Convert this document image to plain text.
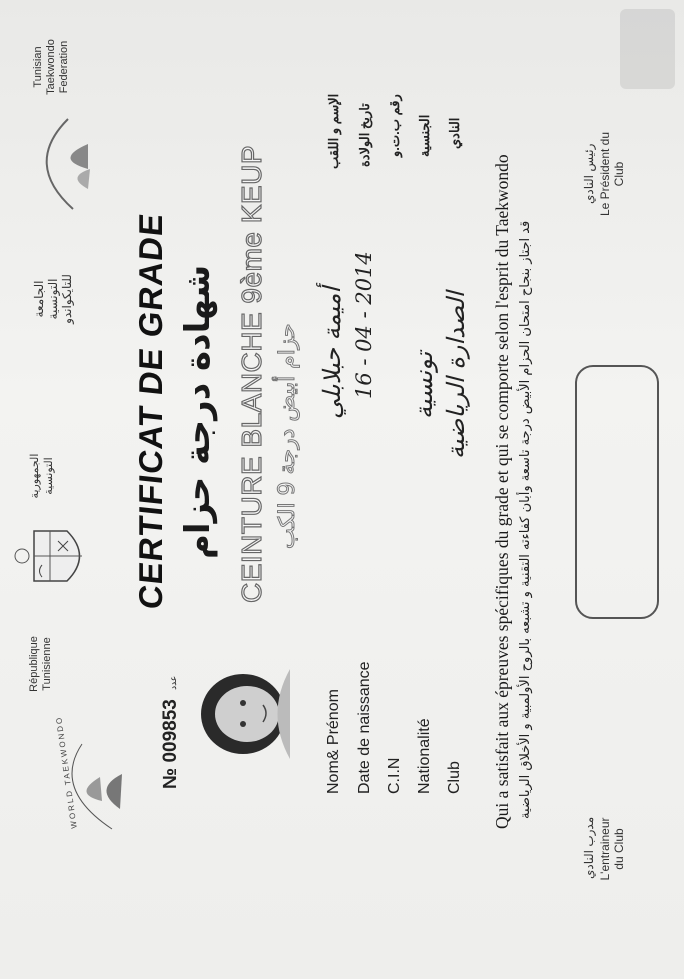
WORLD TAEKWONDO
République Tunisienne
الجمهورية التونسية
الجامعة التونسية للتايكواندو
Tunisian Taekwondo Federation
№ 009853 عدد
CERTIFICAT DE GRADE شهادة درجة حزام CEINTURE BLANCHE 9ème KEUP حزام أبيض درجة 9 الكب
Nom& Prénom Date de naissance C.I.N Nationalité Club
أميمة حبلابلي 16 - 04 - 2014 تونسية الصدارة الرياضية
الإسم و اللقب تاريخ الولادة رقم ب.ت.و الجنسية النادي
Qui a satisfait aux épreuves spécifiques du grade et qui se comporte selon l'esprit du Taekwondo قد اجتاز بنجاح امتحان الحزام الأبيض درجة تاسعة وأبان كفاءته التقنية و تشبعه بالروح الأولمبية و الأخلاق الرياضية
مدرب النادي L'entraineur du Club
رئيس النادي Le Président du Club
